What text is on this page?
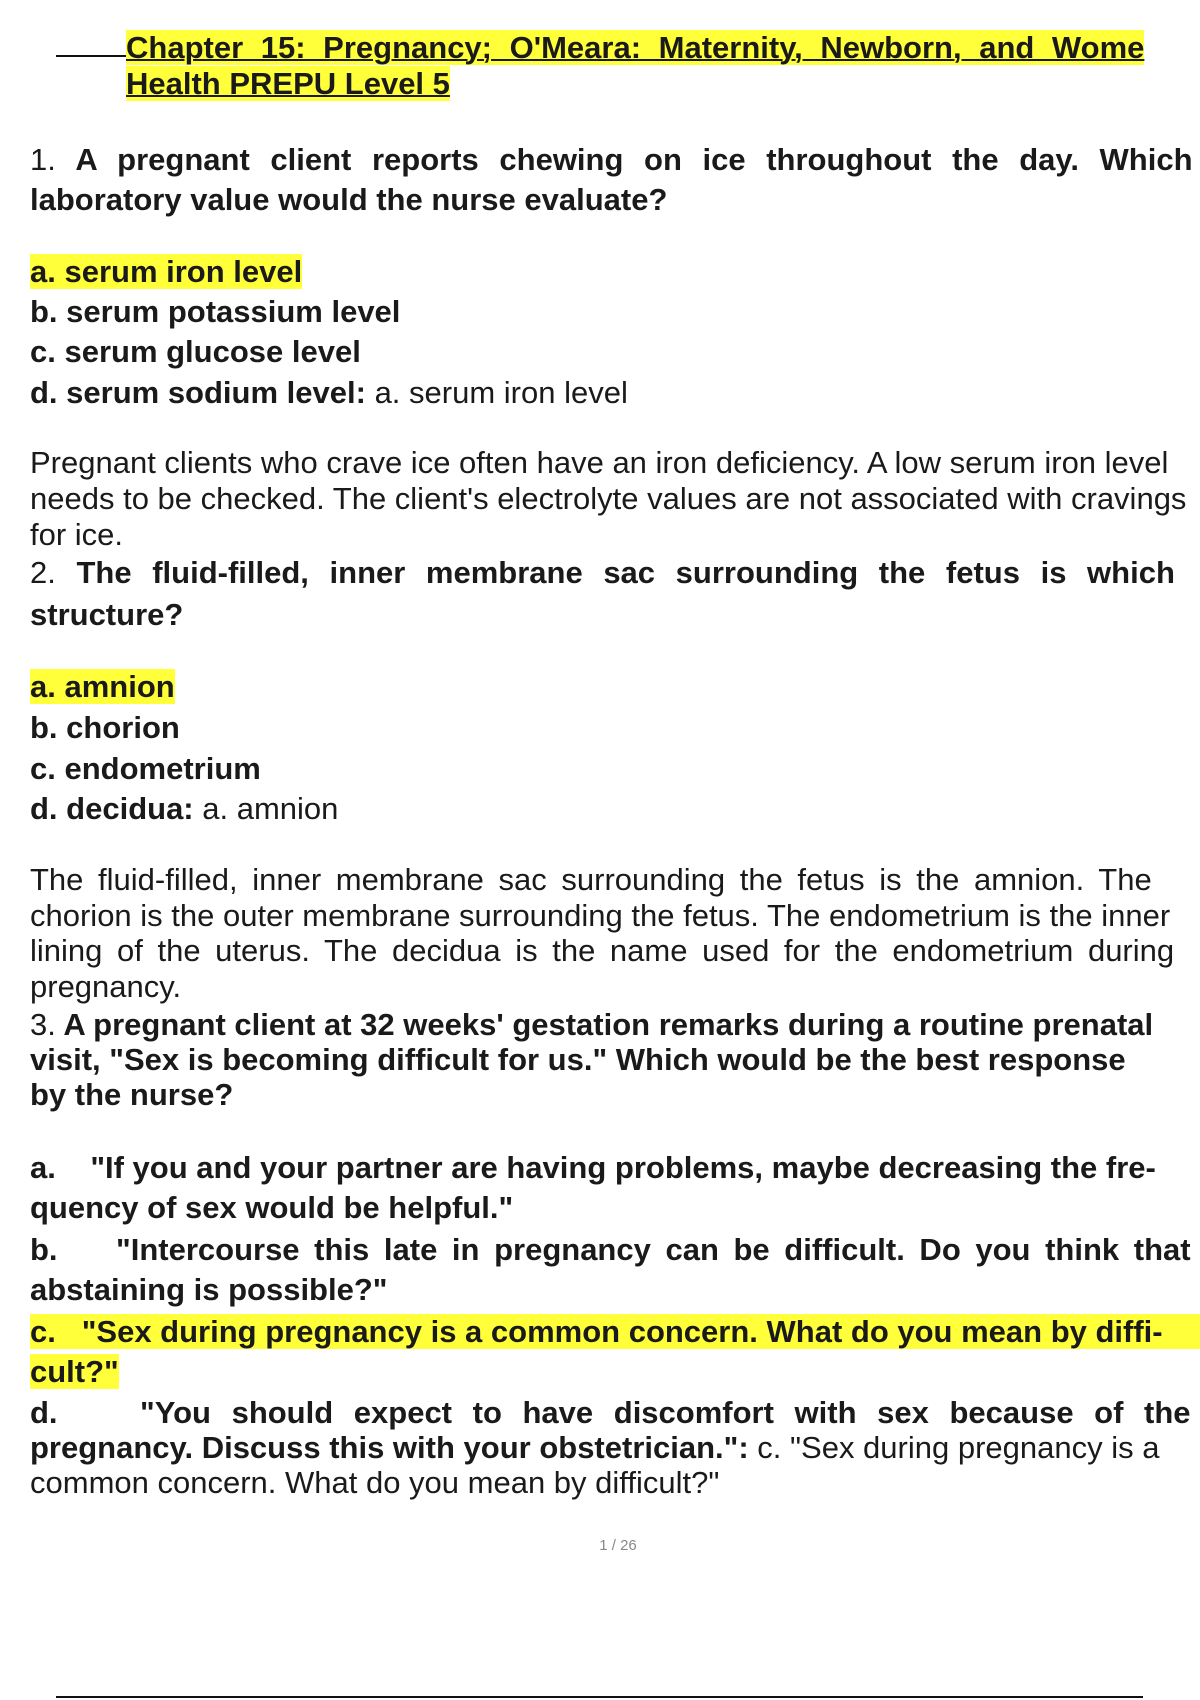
Chapter 15: Pregnancy; O'Meara: Maternity, Newborn, and Wome
Health PREPU Level 5
1. A pregnant client reports chewing on ice throughout the day. Which
laboratory value would the nurse evaluate?
a. serum iron level
b. serum potassium level
c. serum glucose level
d. serum sodium level: a. serum iron level
Pregnant clients who crave ice often have an iron deficiency. A low serum iron level
needs to be checked. The client's electrolyte values are not associated with cravings
for ice.
2. The fluid-filled, inner membrane sac surrounding the fetus is which
structure?
a. amnion
b. chorion
c. endometrium
d. decidua: a. amnion
The fluid-filled, inner membrane sac surrounding the fetus is the amnion. The
chorion is the outer membrane surrounding the fetus. The endometrium is the inner
lining of the uterus. The decidua is the name used for the endometrium during
pregnancy.
3. A pregnant client at 32 weeks' gestation remarks during a routine prenatal
visit, "Sex is becoming difficult for us." Which would be the best response
by the nurse?
a. "If you and your partner are having problems, maybe decreasing the fre-
quency of sex would be helpful."
b. "Intercourse this late in pregnancy can be difficult. Do you think that
abstaining is possible?"
c. "Sex during pregnancy is a common concern. What do you mean by diffi-
cult?"
d.	"You should expect to have discomfort with sex because of the
pregnancy. Discuss this with your obstetrician.": c. "Sex during pregnancy is a
common concern. What do you mean by difficult?"
1 / 26
